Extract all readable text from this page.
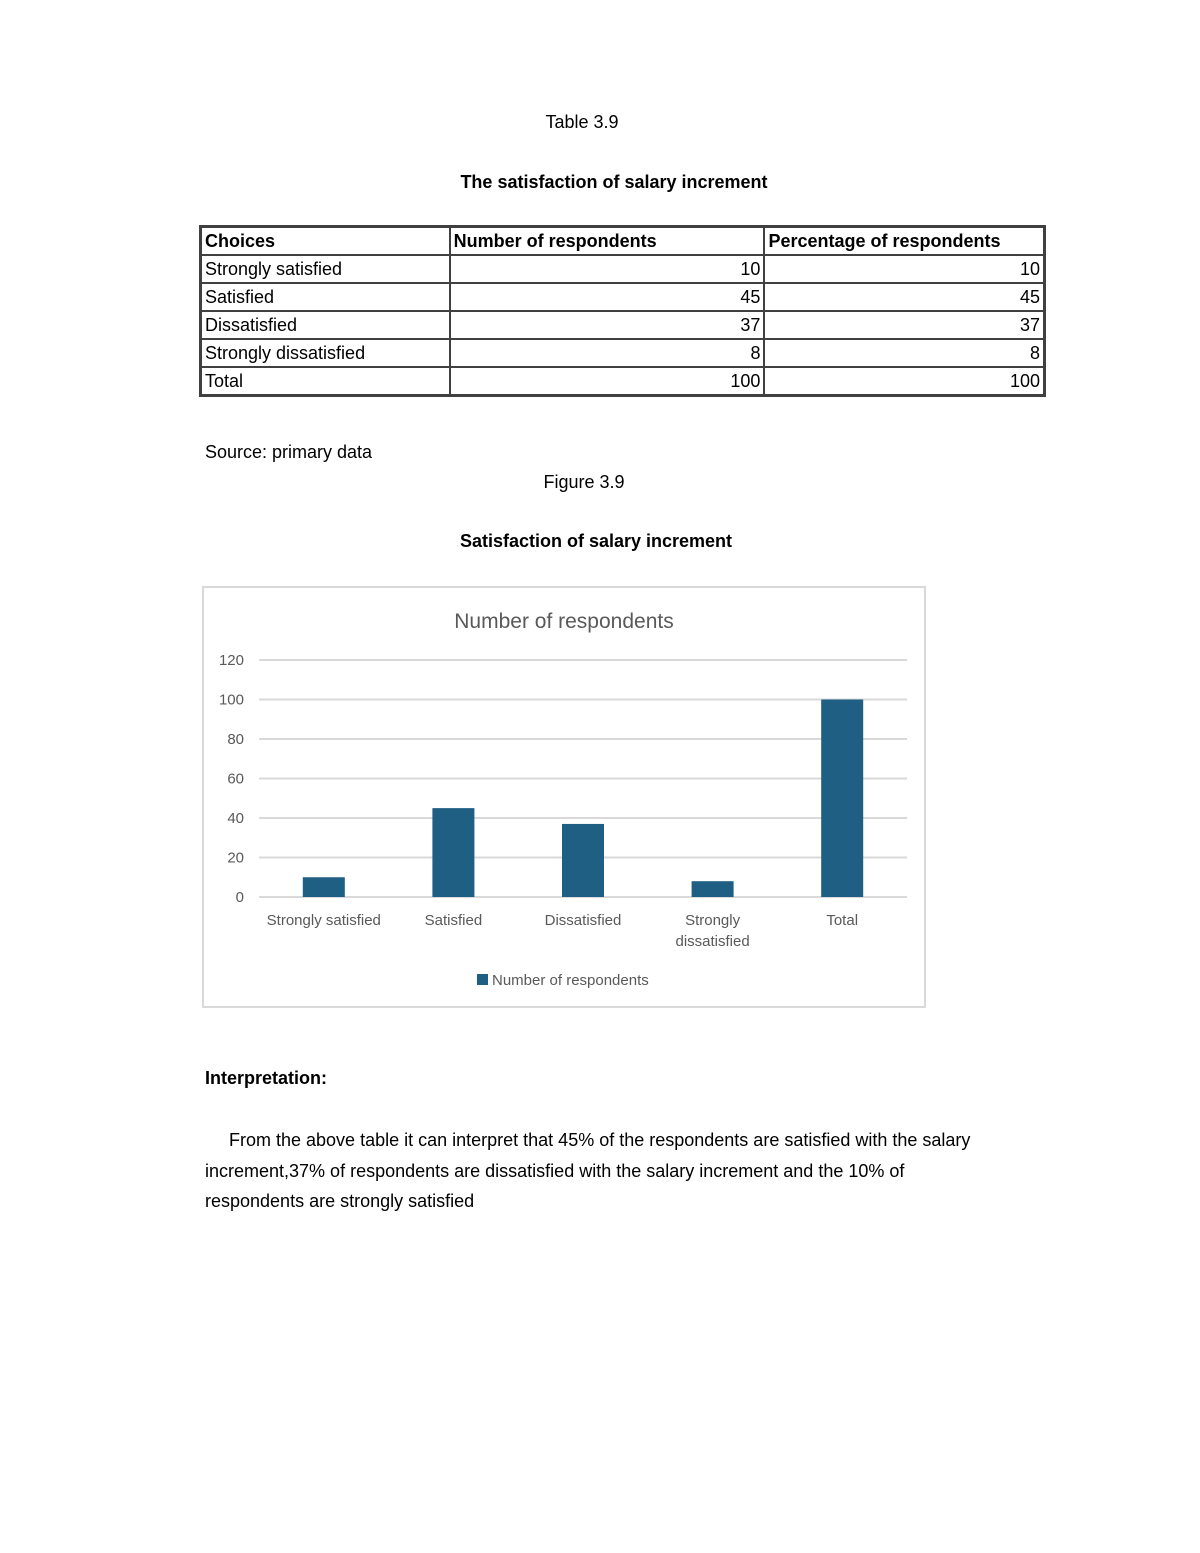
Table 3.9
The satisfaction of salary increment
Choices	Number of respondents	Percentage of respondents
Strongly satisfied	10	10
Satisfied	45	45
Dissatisfied	37	37
Strongly dissatisfied	8	8
Total	100	100
Source: primary data
Figure 3.9
Satisfaction of salary increment
Number of respondents
0
20
40
60
80
100
120
Strongly satisfied	Satisfied	Dissatisfied	Strongly
dissatisfied
Total
Number of respondents
Interpretation:
From the above table it can interpret that 45% of the respondents are satisfied with the salary increment,37% of respondents are dissatisfied with the salary increment and the 10% of respondents are strongly satisfied
